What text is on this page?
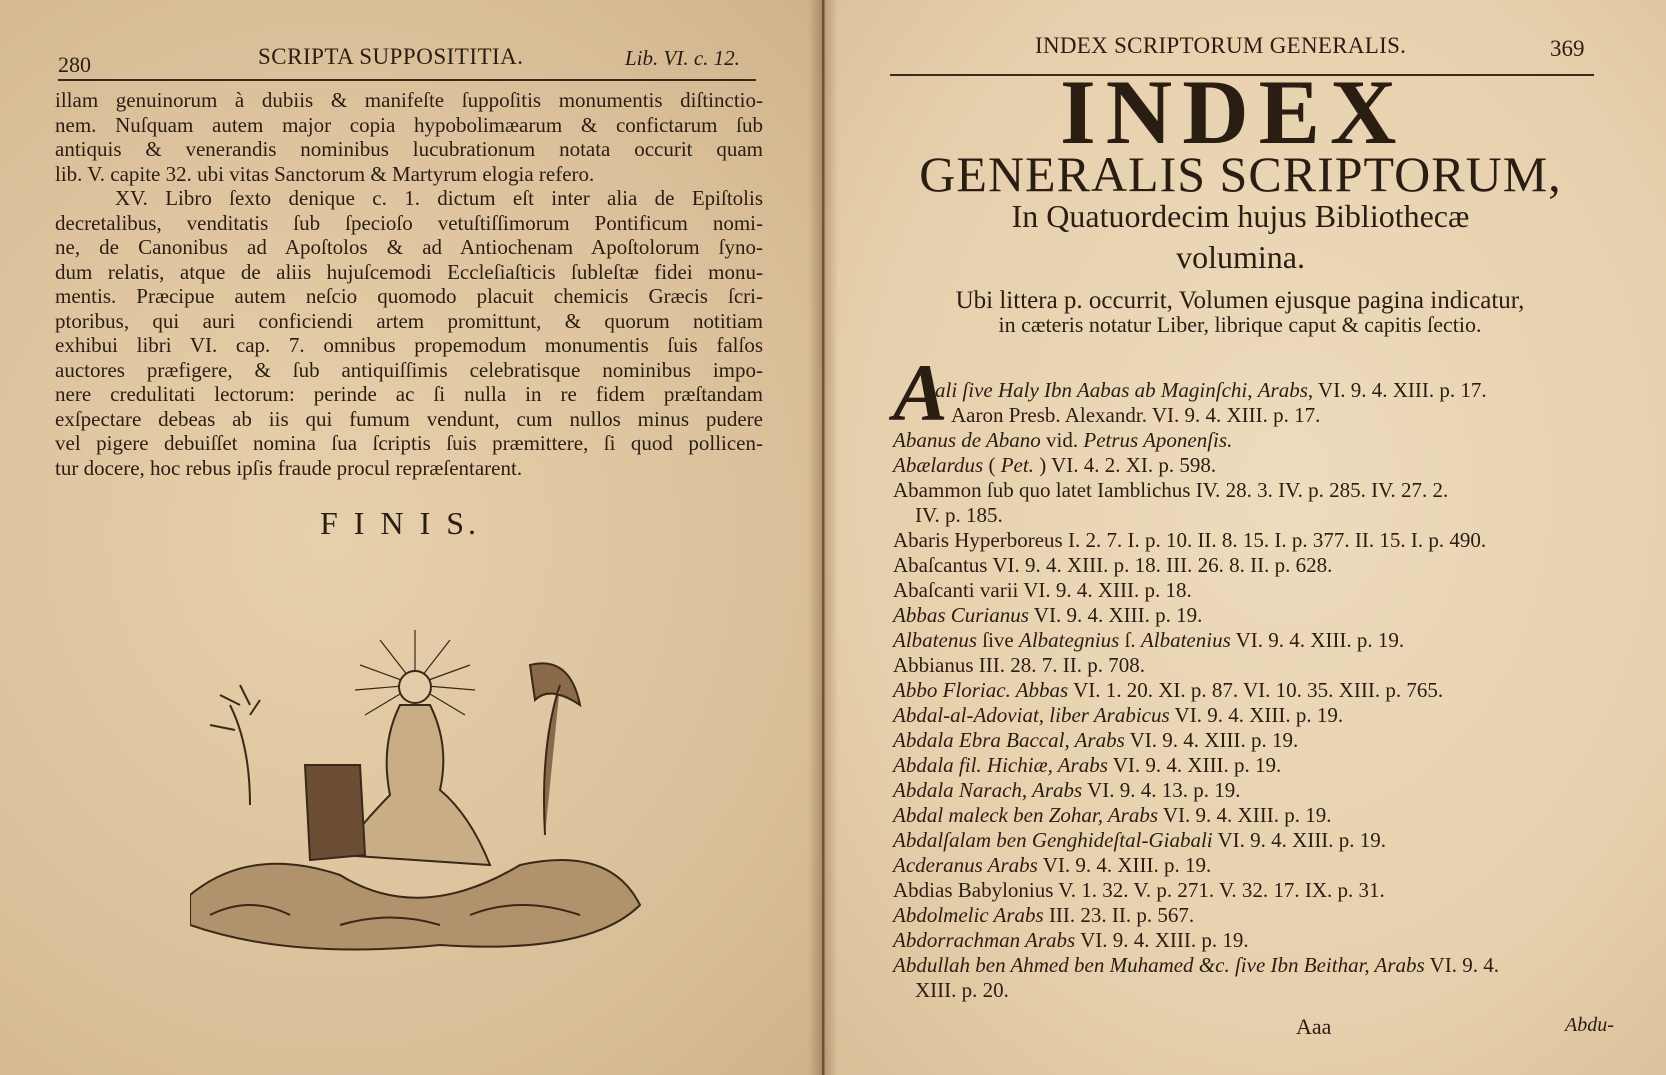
280	SCRIPTA SUPPOSITITIA.	Lib. VI. c. 12.
illam genuinorum à dubiis & manifeſte ſuppoſitis monumentis diſtinctio-
nem. Nuſquam autem major copia hypobolimæarum & confictarum ſub
antiquis & venerandis nominibus lucubrationum notata occurit quam
lib. V. capite 32. ubi vitas Sanctorum & Martyrum elogia refero.
XV. Libro ſexto denique c. 1. dictum eſt inter alia de Epiſtolis
decretalibus, venditatis ſub ſpecioſo vetuſtiſſimorum Pontificum nomi-
ne, de Canonibus ad Apoſtolos & ad Antiochenam Apoſtolorum ſyno-
dum relatis, atque de aliis hujuſcemodi Eccleſiaſticis ſubleſtæ fidei monu-
mentis. Præcipue autem neſcio quomodo placuit chemicis Græcis ſcri-
ptoribus, qui auri conficiendi artem promittunt, & quorum notitiam
exhibui libri VI. cap. 7. omnibus propemodum monumentis ſuis falſos
auctores præfigere, & ſub antiquiſſimis celebratisque nominibus impo-
nere credulitati lectorum: perinde ac ſi nulla in re fidem præſtandam
exſpectare debeas ab iis qui fumum vendunt, cum nullos minus pudere
vel pigere debuiſſet nomina ſua ſcriptis ſuis præmittere, ſi quod pollicen-
tur docere, hoc rebus ipſis fraude procul repræſentarent.
F I N I S.
INDEX SCRIPTORUM GENERALIS.	369
INDEX
GENERALIS SCRIPTORUM,
In Quatuordecim hujus Bibliothecæ
volumina.
Ubi littera p. occurrit, Volumen ejusque pagina indicatur,
in cæteris notatur Liber, librique caput & capitis ſectio.
A
ali ſive Haly Ibn Aabas ab Maginſchi, Arabs, VI. 9. 4. XIII. p. 17.
Aaron Presb. Alexandr. VI. 9. 4. XIII. p. 17.
Abanus de Abano vid. Petrus Aponenſis.
Abælardus ( Pet. ) VI. 4. 2. XI. p. 598.
Abammon ſub quo latet Iamblichus IV. 28. 3. IV. p. 285. IV. 27. 2.
IV. p. 185.
Abaris Hyperboreus I. 2. 7. I. p. 10. II. 8. 15. I. p. 377. II. 15. I. p. 490.
Abaſcantus VI. 9. 4. XIII. p. 18. III. 26. 8. II. p. 628.
Abaſcanti varii VI. 9. 4. XIII. p. 18.
Abbas Curianus VI. 9. 4. XIII. p. 19.
Albatenus ſive Albategnius ſ. Albatenius VI. 9. 4. XIII. p. 19.
Abbianus III. 28. 7. II. p. 708.
Abbo Floriac. Abbas VI. 1. 20. XI. p. 87. VI. 10. 35. XIII. p. 765.
Abdal-al-Adoviat, liber Arabicus VI. 9. 4. XIII. p. 19.
Abdala Ebra Baccal, Arabs VI. 9. 4. XIII. p. 19.
Abdala fil. Hichiæ, Arabs VI. 9. 4. XIII. p. 19.
Abdala Narach, Arabs VI. 9. 4. 13. p. 19.
Abdal maleck ben Zohar, Arabs VI. 9. 4. XIII. p. 19.
Abdalſalam ben Genghideſtal-Giabali VI. 9. 4. XIII. p. 19.
Acderanus Arabs VI. 9. 4. XIII. p. 19.
Abdias Babylonius V. 1. 32. V. p. 271. V. 32. 17. IX. p. 31.
Abdolmelic Arabs III. 23. II. p. 567.
Abdorrachman Arabs VI. 9. 4. XIII. p. 19.
Abdullah ben Ahmed ben Muhamed &c. ſive Ibn Beithar, Arabs VI. 9. 4.
XIII. p. 20.
Aaa	Abdu-
